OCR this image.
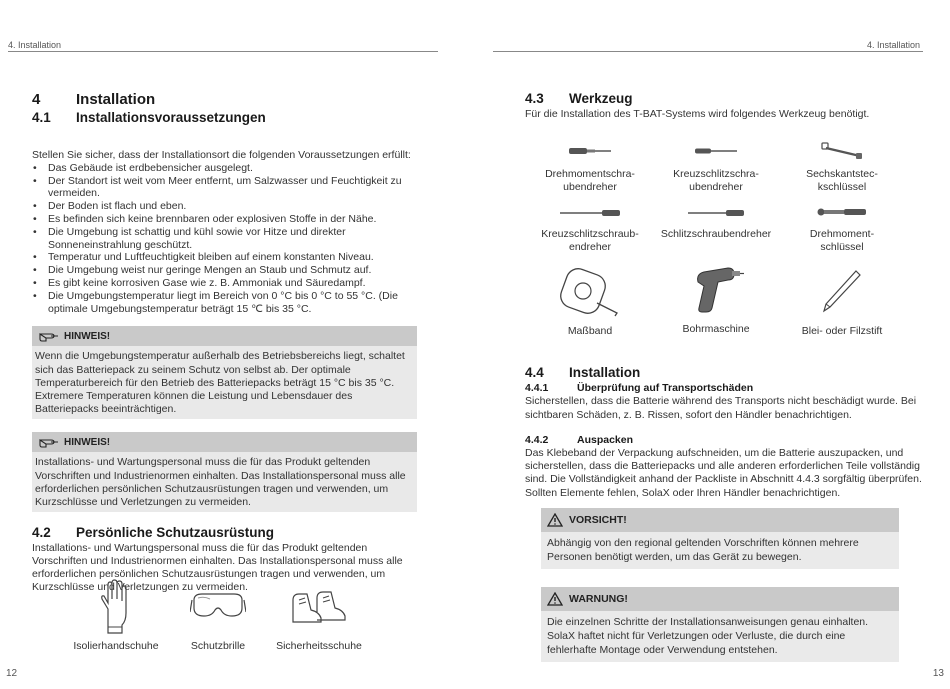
4. Installation
4	Installation
4.1	Installationsvoraussetzungen

Stellen Sie sicher, dass der Installationsort die folgenden Voraussetzungen erfüllt:

• Das Gebäude ist erdbebensicher ausgelegt.
• Der Standort ist weit vom Meer entfernt, um Salzwasser und Feuchtigkeit zu vermeiden.
• Der Boden ist flach und eben.
• Es befinden sich keine brennbaren oder explosiven Stoffe in der Nähe.
• Die Umgebung ist schattig und kühl sowie vor Hitze und direkter Sonneneinstrahlung geschützt.
• Temperatur und Luftfeuchtigkeit bleiben auf einem konstanten Niveau.
• Die Umgebung weist nur geringe Mengen an Staub und Schmutz auf.
• Es gibt keine korrosiven Gase wie z. B. Ammoniak und Säuredampf.
• Die Umgebungstemperatur liegt im Bereich von 0 °C bis 0 °C to 55 °C. (Die optimale Umgebungstemperatur beträgt 15 ℃ bis 35 °C.
HINWEIS!
Wenn die Umgebungstemperatur außerhalb des Betriebsbereichs liegt, schaltet sich das Batteriepack zu seinem Schutz von selbst ab. Der optimale Temperaturbereich für den Betrieb des Batteriepacks beträgt 15 °C bis 35 °C. Extremere Temperaturen können die Leistung und Lebensdauer des Batteriepacks beeinträchtigen.
HINWEIS!
Installations- und Wartungspersonal muss die für das Produkt geltenden Vorschriften und Industrienormen einhalten. Das Installationspersonal muss alle erforderlichen persönlichen Schutzausrüstungen tragen und verwenden, um Kurzschlüsse und Verletzungen zu vermeiden.
4.2	Persönliche Schutzausrüstung

Installations- und Wartungspersonal muss die für das Produkt geltenden Vorschriften und Industrienormen einhalten. Das Installationspersonal muss alle erforderlichen persönlichen Schutzausrüstungen tragen und verwenden, um Kurzschlüsse und Verletzungen zu vermeiden.

Isolierhandschuhe	Schutzbrille	Sicherheitsschuhe
12
4. Installation
4.3	Werkzeug

Für die Installation des T-BAT-Systems wird folgendes Werkzeug benötigt.

Drehmomentschra-
ubendreher
Kreuzschlitzschra-
ubendreher
Sechskantstec-
kschlüssel
Kreuzschlitzschraub-
endreher
Schlitzschraubendreher	Drehmoment-
schlüssel
Maßband	Bohrmaschine	Blei- oder Filzstift
4.4	Installation
4.4.1	Überprüfung auf Transportschäden

Sicherstellen, dass die Batterie während des Transports nicht beschädigt wurde. Bei sichtbaren Schäden, z. B. Rissen, sofort den Händler benachrichtigen.

4.4.2	Auspacken

Das Klebeband der Verpackung aufschneiden, um die Batterie auszupacken, und sicherstellen, dass die Batteriepacks und alle anderen erforderlichen Teile vollständig sind. Die Vollständigkeit anhand der Packliste in Abschnitt 4.4.3 sorgfältig überprüfen. Sollten Elemente fehlen, SolaX oder Ihren Händler benachrichtigen.

VORSICHT!
Abhängig von den regional geltenden Vorschriften können mehrere Personen benötigt werden, um das Gerät zu bewegen.
WARNUNG!
Die einzelnen Schritte der Installationsanweisungen genau einhalten. SolaX haftet nicht für Verletzungen oder Verluste, die durch eine fehlerhafte Montage oder Verwendung entstehen.
13
